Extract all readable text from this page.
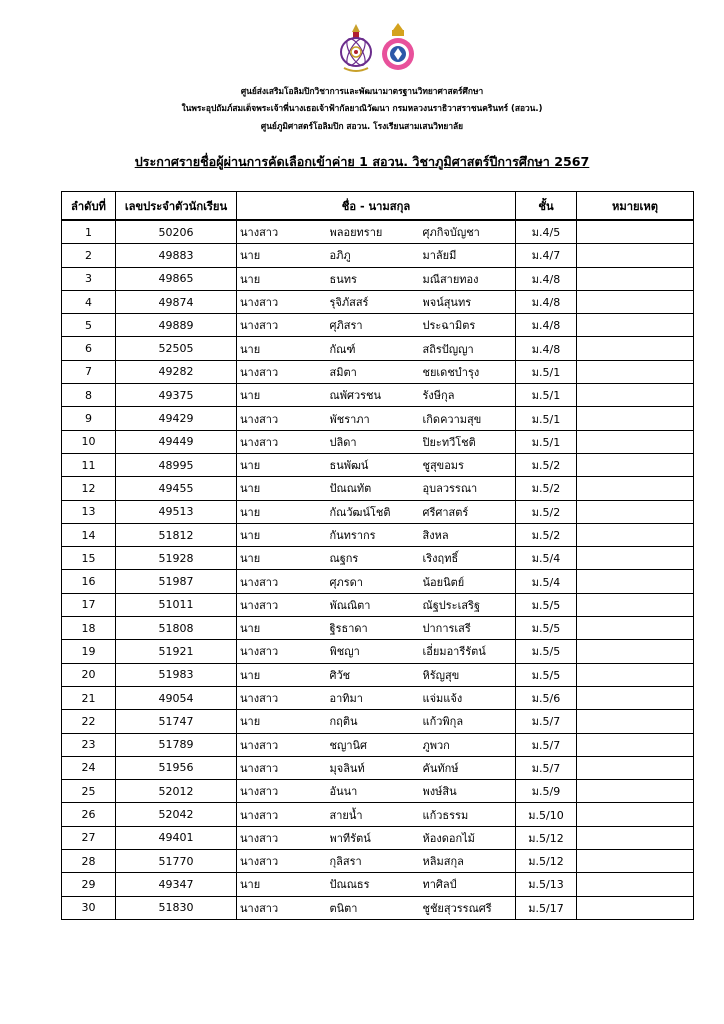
ศูนย์ส่งเสริมโอลิมปิกวิชาการและพัฒนามาตรฐานวิทยาศาสตร์ศึกษา
ในพระอุปถัมภ์สมเด็จพระเจ้าพี่นางเธอเจ้าฟ้ากัลยาณิวัฒนา กรมหลวงนราธิวาสราชนครินทร์ (สอวน.)
ศูนย์ภูมิศาสตร์โอลิมปิก สอวน. โรงเรียนสามเสนวิทยาลัย
ประกาศรายชื่อผู้ผ่านการคัดเลือกเข้าค่าย 1 สอวน. วิชาภูมิศาสตร์ปีการศึกษา 2567
ลำดับที่	เลขประจำตัวนักเรียน	ชื่อ - นามสกุล			ชั้น	หมายเหตุ
1	50206	นางสาว	พลอยทราย	ศุภกิจบัญชา	ม.4/5	
2	49883	นาย	อภิภู	มาลัยมี	ม.4/7	
3	49865	นาย	ธนทร	มณีสายทอง	ม.4/8	
4	49874	นางสาว	รุจิภัสสร์	พจน์สุนทร	ม.4/8	
5	49889	นางสาว	ศุภิสรา	ประฉามิตร	ม.4/8	
6	52505	นาย	กัณฑ์	สถิรปัญญา	ม.4/8	
7	49282	นางสาว	สมิตา	ชยเดชบำรุง	ม.5/1	
8	49375	นาย	ณพัศวรชน	รังษีกุล	ม.5/1	
9	49429	นางสาว	พัชราภา	เกิดความสุข	ม.5/1	
10	49449	นางสาว	ปลิดา	ปิยะทวีโชติ	ม.5/1	
11	48995	นาย	ธนพัฒน์	ชูสุขอมร	ม.5/2	
12	49455	นาย	ปัณณทัต	อุบลวรรณา	ม.5/2	
13	49513	นาย	กัณวัฒน์โชติ	ศรีศาสตร์	ม.5/2	
14	51812	นาย	กันทรากร	สิงหล	ม.5/2	
15	51928	นาย	ณฐกร	เริงฤทธิ์	ม.5/4	
16	51987	นางสาว	ศุภรดา	น้อยนิตย์	ม.5/4	
17	51011	นางสาว	พัณณิตา	ณัฐประเสริฐ	ม.5/5	
18	51808	นาย	ฐิรธาดา	ปาการเสรี	ม.5/5	
19	51921	นางสาว	พิชญา	เอี่ยมอารีรัตน์	ม.5/5	
20	51983	นาย	ศิวัช	หิรัญสุข	ม.5/5	
21	49054	นางสาว	อาทิมา	แจ่มแจ้ง	ม.5/6	
22	51747	นาย	กฤติน	แก้วพิกุล	ม.5/7	
23	51789	นางสาว	ชญานิศ	ภูพวก	ม.5/7	
24	51956	นางสาว	มุจลินท์	คันทักษ์	ม.5/7	
25	52012	นางสาว	อันนา	พงษ์สิน	ม.5/9	
26	52042	นางสาว	สายน้ำ	แก้วธรรม	ม.5/10	
27	49401	นางสาว	พาทีรัตน์	ห้องดอกไม้	ม.5/12	
28	51770	นางสาว	กุลิสรา	หลิมสกุล	ม.5/12	
29	49347	นาย	ปัณณธร	ทาศิลป์	ม.5/13	
30	51830	นางสาว	ตนิตา	ชูชัยสุวรรณศรี	ม.5/17	
